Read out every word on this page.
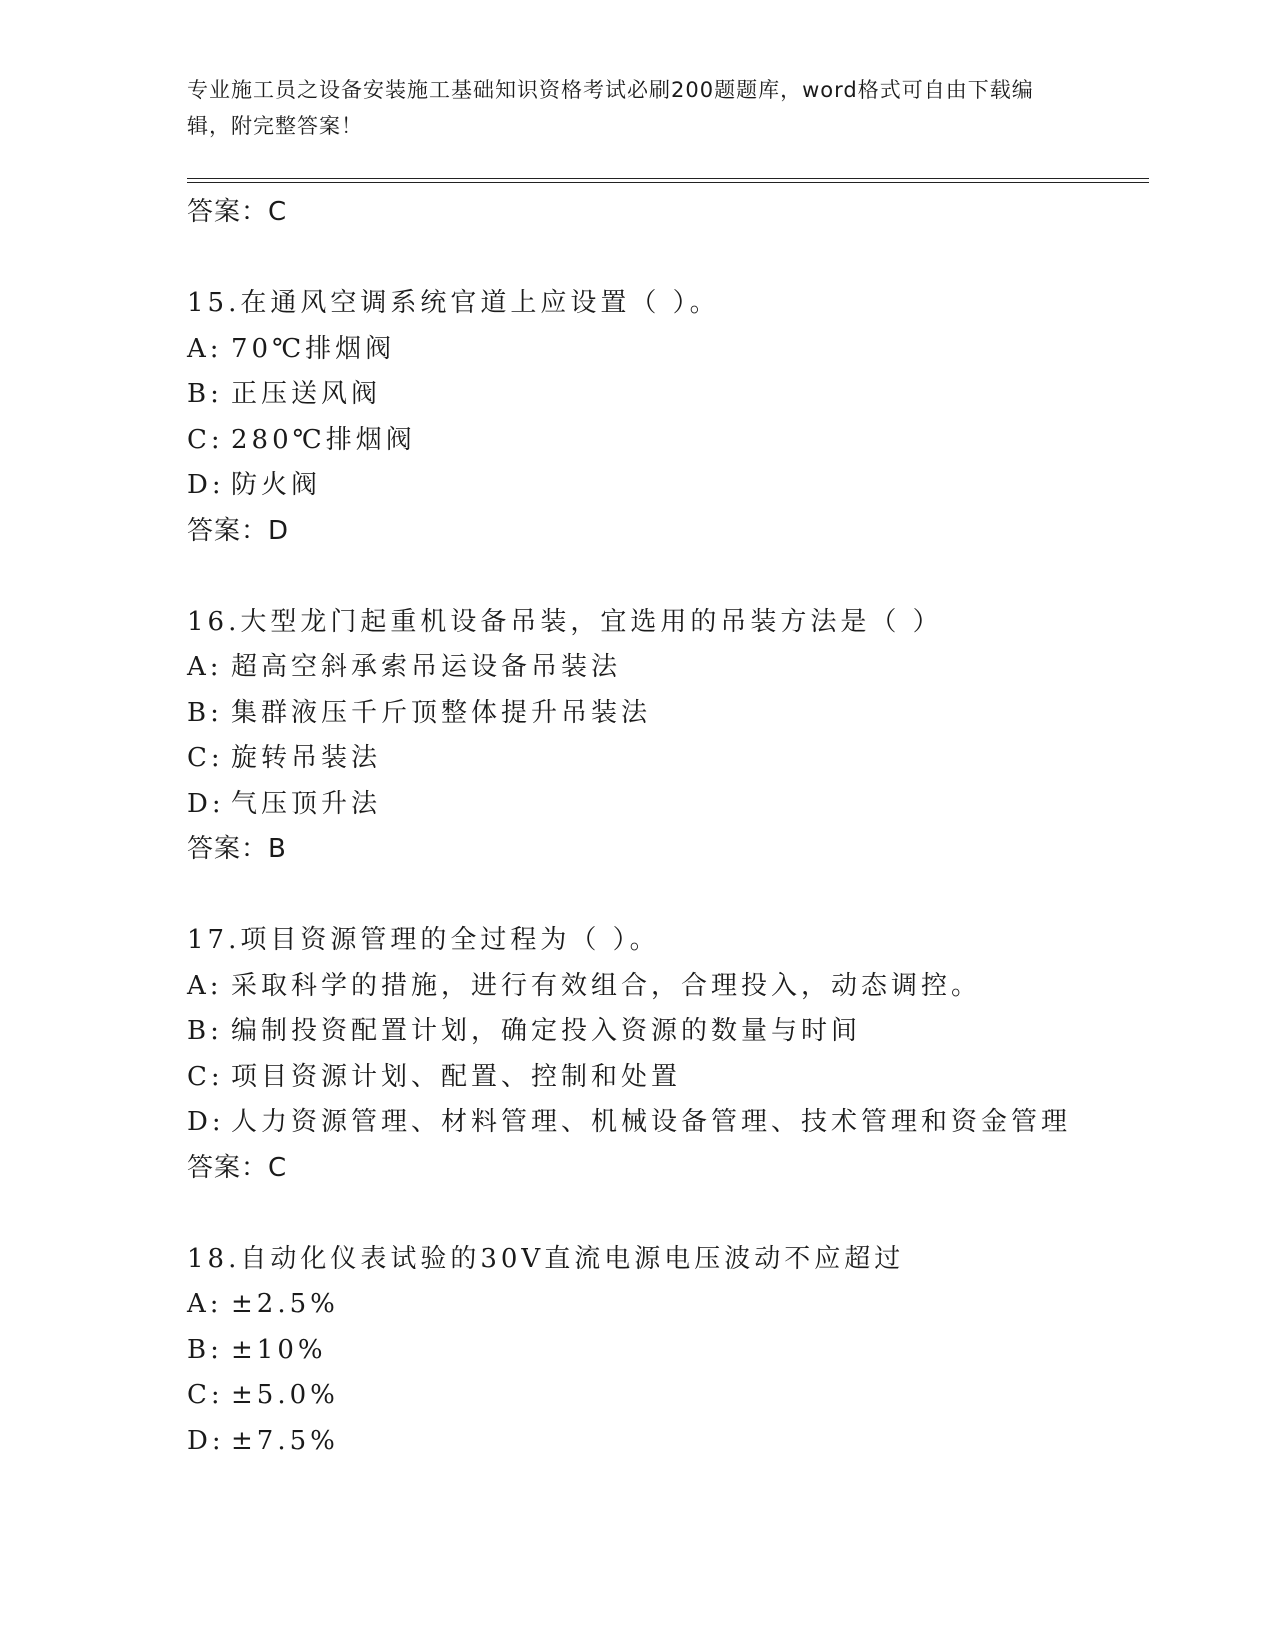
专业施工员之设备安装施工基础知识资格考试必刷200题题库，word格式可自由下载编辑，附完整答案！
答案：C
15.在通风空调系统官道上应设置（ ）。
A: 70℃排烟阀
B: 正压送风阀
C: 280℃排烟阀
D: 防火阀
答案：D
16.大型龙门起重机设备吊装，宜选用的吊装方法是（ ）
A: 超高空斜承索吊运设备吊装法
B: 集群液压千斤顶整体提升吊装法
C: 旋转吊装法
D: 气压顶升法
答案：B
17.项目资源管理的全过程为（ ）。
A: 采取科学的措施，进行有效组合，合理投入，动态调控。
B: 编制投资配置计划，确定投入资源的数量与时间
C: 项目资源计划、配置、控制和处置
D: 人力资源管理、材料管理、机械设备管理、技术管理和资金管理
答案：C
18.自动化仪表试验的30V直流电源电压波动不应超过
A: ±2.5%
B: ±10%
C: ±5.0%
D: ±7.5%
